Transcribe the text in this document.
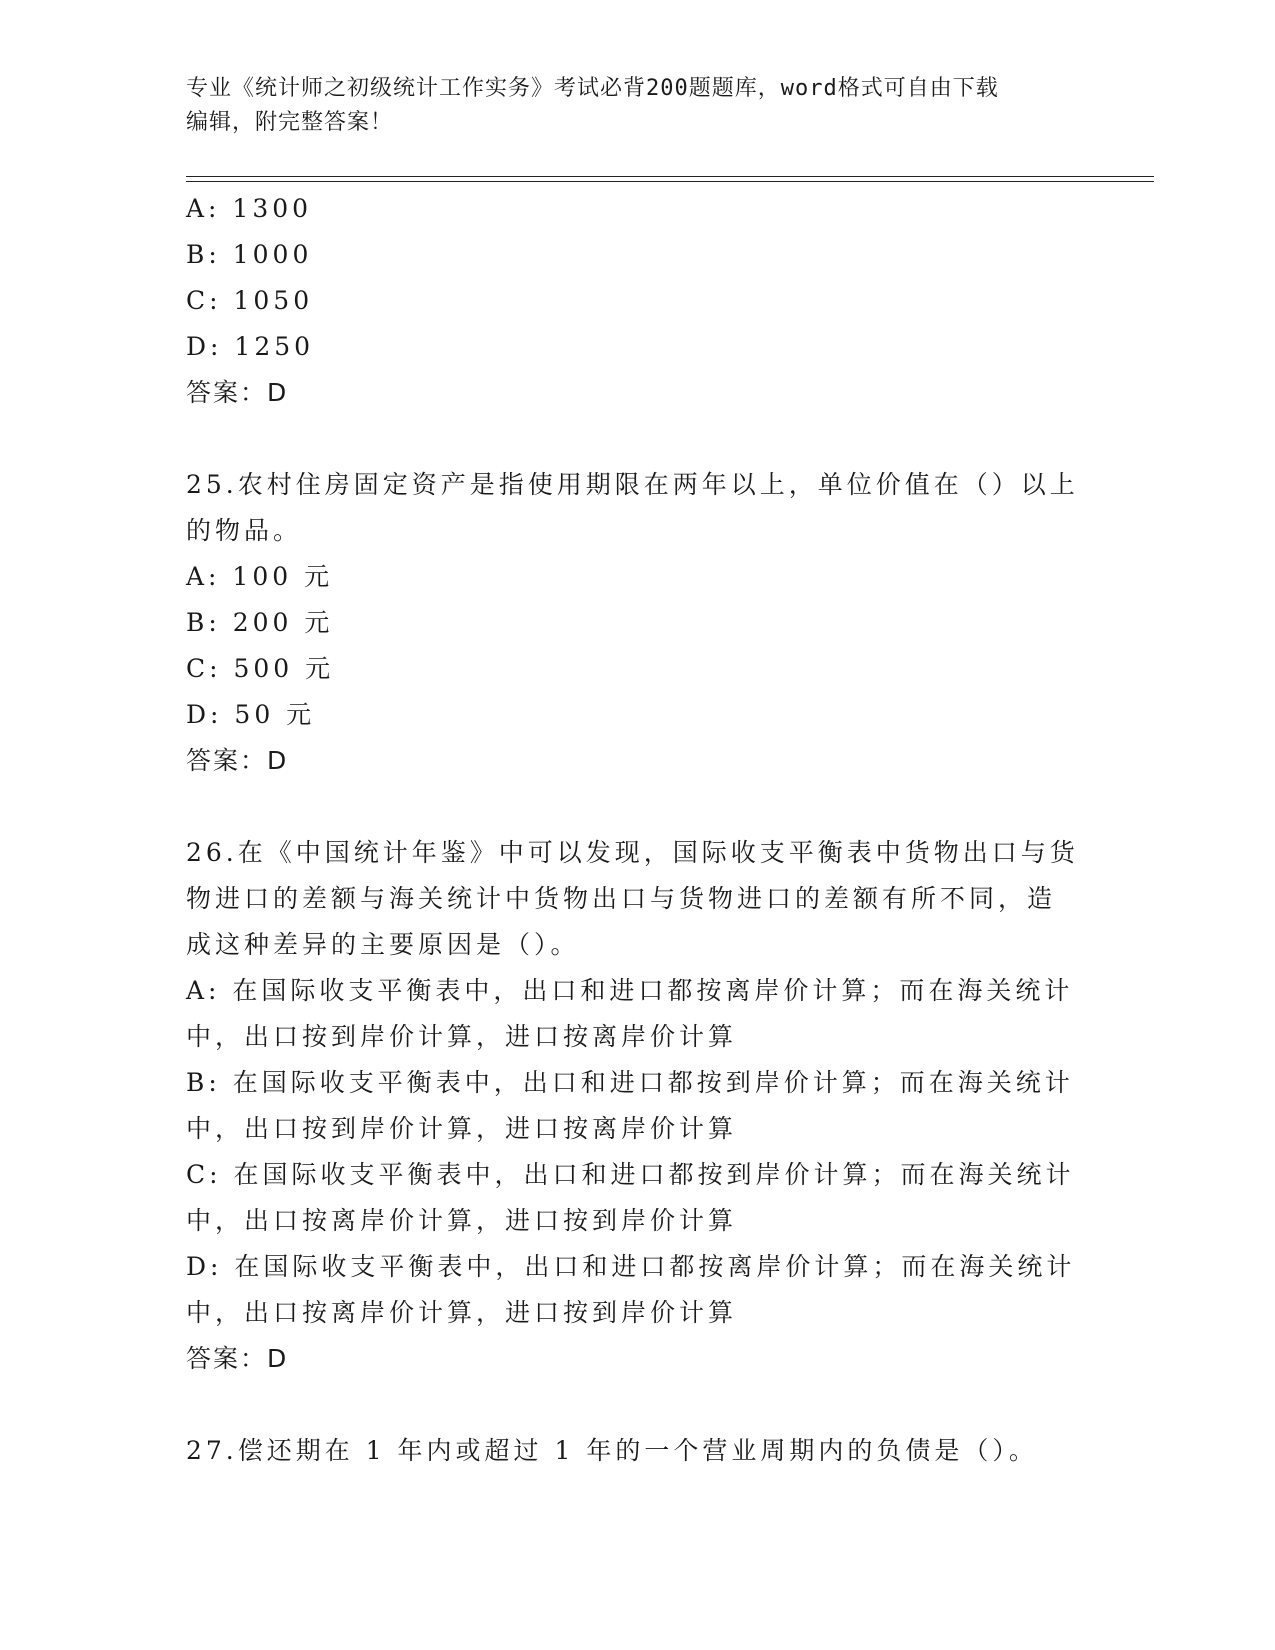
专业《统计师之初级统计工作实务》考试必背200题题库，word格式可自由下载
编辑，附完整答案！
A: 1300
B: 1000
C: 1050
D: 1250
答案：D
25.农村住房固定资产是指使用期限在两年以上，单位价值在（）以上
的物品。
A: 100 元
B: 200 元
C: 500 元
D: 50 元
答案：D
26.在《中国统计年鉴》中可以发现，国际收支平衡表中货物出口与货
物进口的差额与海关统计中货物出口与货物进口的差额有所不同，造
成这种差异的主要原因是（）。
A: 在国际收支平衡表中，出口和进口都按离岸价计算；而在海关统计
中，出口按到岸价计算，进口按离岸价计算
B: 在国际收支平衡表中，出口和进口都按到岸价计算；而在海关统计
中，出口按到岸价计算，进口按离岸价计算
C: 在国际收支平衡表中，出口和进口都按到岸价计算；而在海关统计
中，出口按离岸价计算，进口按到岸价计算
D: 在国际收支平衡表中，出口和进口都按离岸价计算；而在海关统计
中，出口按离岸价计算，进口按到岸价计算
答案：D
27.偿还期在 1 年内或超过 1 年的一个营业周期内的负债是（）。
